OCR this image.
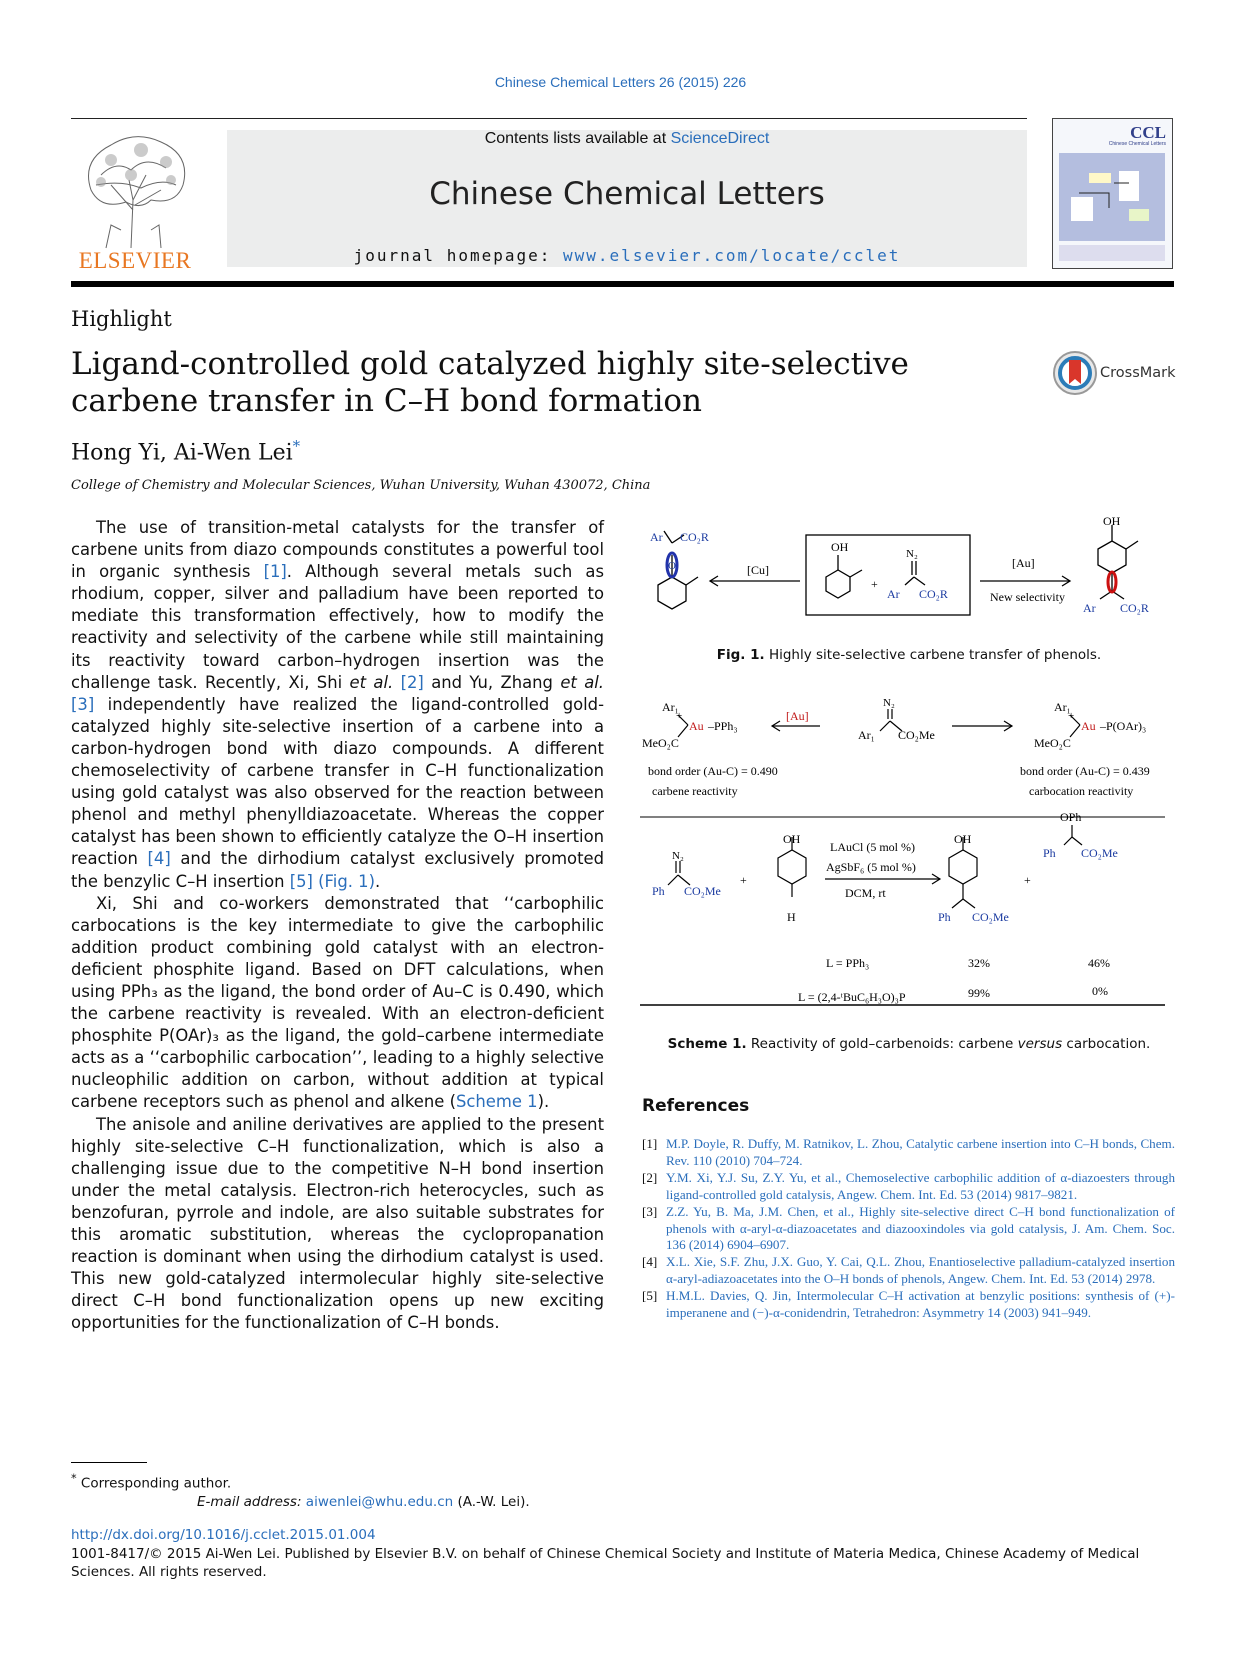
Chinese Chemical Letters 26 (2015) 226
ELSEVIER
Contents lists available at ScienceDirect
Chinese Chemical Letters
journal homepage: www.elsevier.com/locate/cclet
CCL
Chinese Chemical Letters
Highlight
Ligand-controlled gold catalyzed highly site-selective carbene transfer in C–H bond formation
CrossMark
Hong Yi, Ai-Wen Lei*
College of Chemistry and Molecular Sciences, Wuhan University, Wuhan 430072, China

The use of transition-metal catalysts for the transfer of carbene units from diazo compounds constitutes a powerful tool in organic synthesis [1]. Although several metals such as rhodium, copper, silver and palladium have been reported to mediate this transformation effectively, how to modify the reactivity and selectivity of the carbene while still maintaining its reactivity toward carbon–hydrogen insertion was the challenge task. Recently, Xi, Shi et al. [2] and Yu, Zhang et al. [3] independently have realized the ligand-controlled gold-catalyzed highly site-selective insertion of a carbene into a carbon-hydrogen bond with diazo compounds. A different chemoselectivity of carbene transfer in C–H functionalization using gold catalyst was also observed for the reaction between phenol and methyl phenylldiazoacetate. Whereas the copper catalyst has been shown to efficiently catalyze the O–H insertion reaction [4] and the dirhodium catalyst exclusively promoted the benzylic C–H insertion [5] (Fig. 1).

Xi, Shi and co-workers demonstrated that ‘‘carbophilic carbocations is the key intermediate to give the carbophilic addition product combining gold catalyst with an electron-deficient phosphite ligand. Based on DFT calculations, when using PPh₃ as the ligand, the bond order of Au–C is 0.490, which the carbene reactivity is revealed. With an electron-deficient phosphite P(OAr)₃ as the ligand, the gold–carbene intermediate acts as a ‘‘carbophilic carbocation’’, leading to a highly selective nucleophilic addition on carbon, without addition at typical carbene receptors such as phenol and alkene (Scheme 1).

The anisole and aniline derivatives are applied to the present highly site-selective C–H functionalization, which is also a challenging issue due to the competitive N–H bond insertion under the metal catalysis. Electron-rich heterocycles, such as benzofuran, pyrrole and indole, are also suitable substrates for this aromatic substitution, whereas the cyclopropanation reaction is dominant when using the dirhodium catalyst is used. This new gold-catalyzed intermolecular highly site-selective direct C–H bond functionalization opens up new exciting opportunities for the functionalization of C–H bonds.

Ar CO₂R
O	[Cu]
OH
+
N₂
Ar CO₂R
[Au]
New selectivity
OH
Ar CO₂R
Fig. 1. Highly site-selective carbene transfer of phenols.
Ar₁
+
Au –PPh₃
MeO₂C
[Au]
N₂
Ar₁ CO₂Me
Ar₁
+
Au –P(OAr)₃
MeO₂C
bond order (Au-C) = 0.490
carbene reactivity
bond order (Au-C) = 0.439
carbocation reactivity
N₂
Ph CO₂Me
+
OH
H
LAuCl (5 mol %)
AgSbF₆ (5 mol %)
DCM, rt
OH
Ph CO₂Me
+
OPh
Ph CO₂Me
L = PPh₃	32%	46%
L = (2,4-ᵗBuC₆H₃O)₃P	99%	0%
Scheme 1. Reactivity of gold–carbenoids: carbene versus carbocation.
References
[1] M.P. Doyle, R. Duffy, M. Ratnikov, L. Zhou, Catalytic carbene insertion into C–H bonds, Chem. Rev. 110 (2010) 704–724.
[2] Y.M. Xi, Y.J. Su, Z.Y. Yu, et al., Chemoselective carbophilic addition of α-diazoesters through ligand-controlled gold catalysis, Angew. Chem. Int. Ed. 53 (2014) 9817–9821.
[3] Z.Z. Yu, B. Ma, J.M. Chen, et al., Highly site-selective direct C–H bond functionalization of phenols with α-aryl-α-diazoacetates and diazooxindoles via gold catalysis, J. Am. Chem. Soc. 136 (2014) 6904–6907.
[4] X.L. Xie, S.F. Zhu, J.X. Guo, Y. Cai, Q.L. Zhou, Enantioselective palladium-catalyzed insertion α-aryl-adiazoacetates into the O–H bonds of phenols, Angew. Chem. Int. Ed. 53 (2014) 2978.
[5] H.M.L. Davies, Q. Jin, Intermolecular C–H activation at benzylic positions: synthesis of (+)-imperanene and (−)-α-conidendrin, Tetrahedron: Asymmetry 14 (2003) 941–949.
* Corresponding author.
E-mail address: aiwenlei@whu.edu.cn (A.-W. Lei).
http://dx.doi.org/10.1016/j.cclet.2015.01.004
1001-8417/© 2015 Ai-Wen Lei. Published by Elsevier B.V. on behalf of Chinese Chemical Society and Institute of Materia Medica, Chinese Academy of Medical Sciences. All rights reserved.
